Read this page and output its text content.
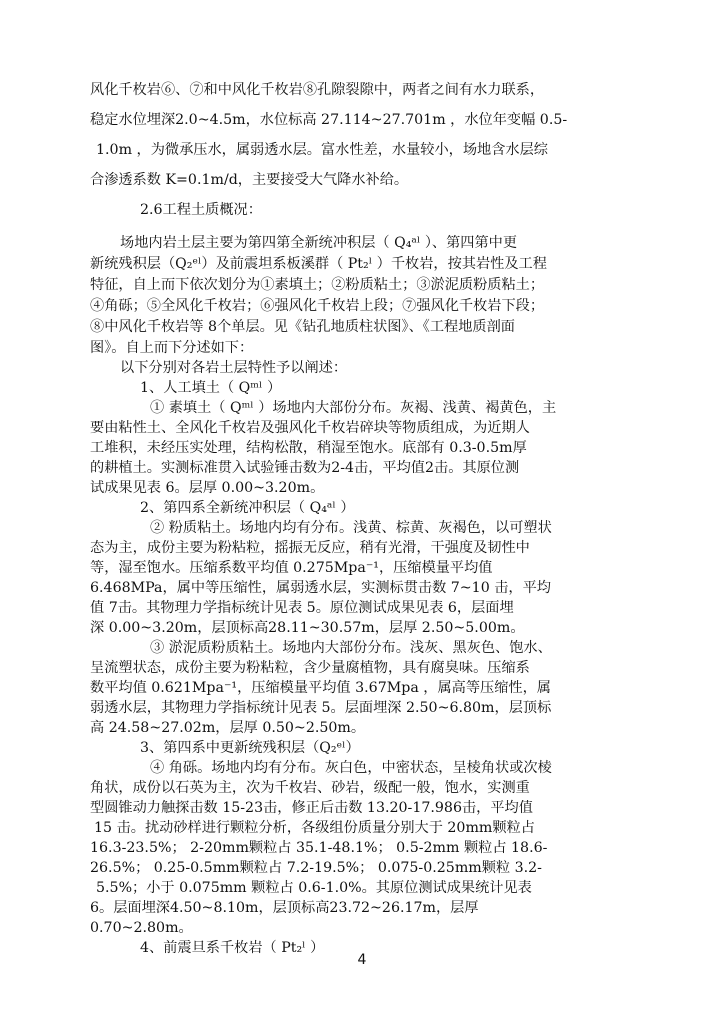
风化千枚岩⑥、⑦和中风化千枚岩⑧孔隙裂隙中，两者之间有水力联系，
稳定水位埋深2.0~4.5m，水位标高 27.114~27.701m ，水位年变幅 0.5-
1.0m ，为微承压水，属弱透水层。富水性差，水量较小，场地含水层综
合渗透系数 K=0.1m/d，主要接受大气降水补给。
2.6工程土质概况：
场地内岩土层主要为第四第全新统冲积层（ Q₄ᵃˡ ）、第四第中更
新统残积层（Q₂ᵉˡ）及前震坦系板溪群（ Pt₂ˡ ）千枚岩，按其岩性及工程
特征，自上而下依次划分为①素填土；②粉质粘土；③淤泥质粉质粘土；
④角砾；⑤全风化千枚岩；⑥强风化千枚岩上段；⑦强风化千枚岩下段；
⑧中风化千枚岩等 8个单层。见《钻孔地质柱状图》、《工程地质剖面
图》。自上而下分述如下：
以下分别对各岩土层特性予以阐述：
1、人工填土（ Qᵐˡ ）
① 素填土（ Qᵐˡ ）场地内大部份分布。灰褐、浅黄、褐黄色，主
要由粘性土、全风化千枚岩及强风化千枚岩碎块等物质组成，为近期人
工堆积，未经压实处理，结构松散，稍湿至饱水。底部有 0.3-0.5m厚
的耕植土。实测标准贯入试验锤击数为2-4击，平均值2击。其原位测
试成果见表 6。层厚 0.00~3.20m。
2、第四系全新统冲积层（ Q₄ᵃˡ ）
② 粉质粘土。场地内均有分布。浅黄、棕黄、灰褐色，以可塑状
态为主，成份主要为粉粘粒，摇振无反应，稍有光滑，干强度及韧性中
等，湿至饱水。压缩系数平均值 0.275Mpa⁻¹，压缩模量平均值
6.468MPa，属中等压缩性，属弱透水层，实测标贯击数 7~10 击，平均
值 7击。其物理力学指标统计见表 5。原位测试成果见表 6，层面埋
深 0.00~3.20m，层顶标高28.11~30.57m，层厚 2.50~5.00m。
③ 淤泥质粉质粘土。场地内大部份分布。浅灰、黑灰色、饱水、
呈流塑状态，成份主要为粉粘粒，含少量腐植物，具有腐臭味。压缩系
数平均值 0.621Mpa⁻¹，压缩模量平均值 3.67Mpa ，属高等压缩性，属
弱透水层，其物理力学指标统计见表 5。层面埋深 2.50~6.80m，层顶标
高 24.58~27.02m，层厚 0.50~2.50m。
3、第四系中更新统残积层（Q₂ᵉˡ）
④ 角砾。场地内均有分布。灰白色，中密状态，呈棱角状或次棱
角状，成份以石英为主，次为千枚岩、砂岩，级配一般，饱水，实测重
型圆锥动力触探击数 15-23击，修正后击数 13.20-17.986击，平均值
15 击。扰动砂样进行颗粒分析，各级组份质量分别大于 20mm颗粒占
16.3-23.5%； 2-20mm颗粒占 35.1-48.1%； 0.5-2mm 颗粒占 18.6-
26.5%； 0.25-0.5mm颗粒占 7.2-19.5%； 0.075-0.25mm颗粒 3.2-
5.5%；小于 0.075mm 颗粒占 0.6-1.0%。其原位测试成果统计见表
6。层面埋深4.50~8.10m，层顶标高23.72~26.17m，层厚
0.70~2.80m。
4、前震旦系千枚岩（ Pt₂ˡ ）
4
